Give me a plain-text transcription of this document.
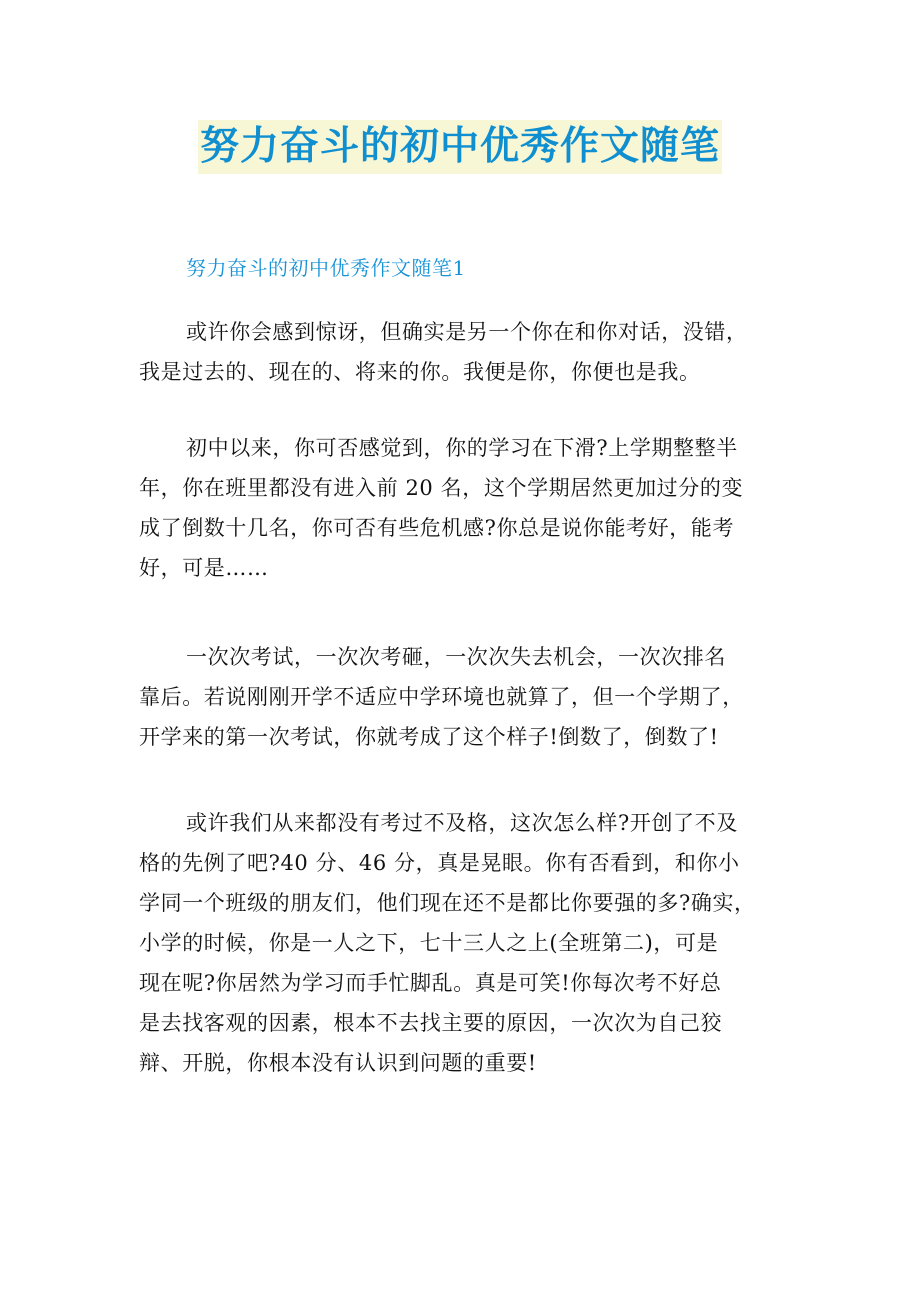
努力奋斗的初中优秀作文随笔
努力奋斗的初中优秀作文随笔1

或许你会感到惊讶，但确实是另一个你在和你对话，没错，
我是过去的、现在的、将来的你。我便是你，你便也是我。

初中以来，你可否感觉到，你的学习在下滑?上学期整整半
年，你在班里都没有进入前 20 名，这个学期居然更加过分的变
成了倒数十几名，你可否有些危机感?你总是说你能考好，能考
好，可是……

一次次考试，一次次考砸，一次次失去机会，一次次排名
靠后。若说刚刚开学不适应中学环境也就算了，但一个学期了，
开学来的第一次考试，你就考成了这个样子!倒数了，倒数了!

或许我们从来都没有考过不及格，这次怎么样?开创了不及
格的先例了吧?40 分、46 分，真是晃眼。你有否看到，和你小
学同一个班级的朋友们，他们现在还不是都比你要强的多?确实，
小学的时候，你是一人之下，七十三人之上(全班第二)，可是
现在呢?你居然为学习而手忙脚乱。真是可笑!你每次考不好总
是去找客观的因素，根本不去找主要的原因，一次次为自己狡
辩、开脱，你根本没有认识到问题的重要!
